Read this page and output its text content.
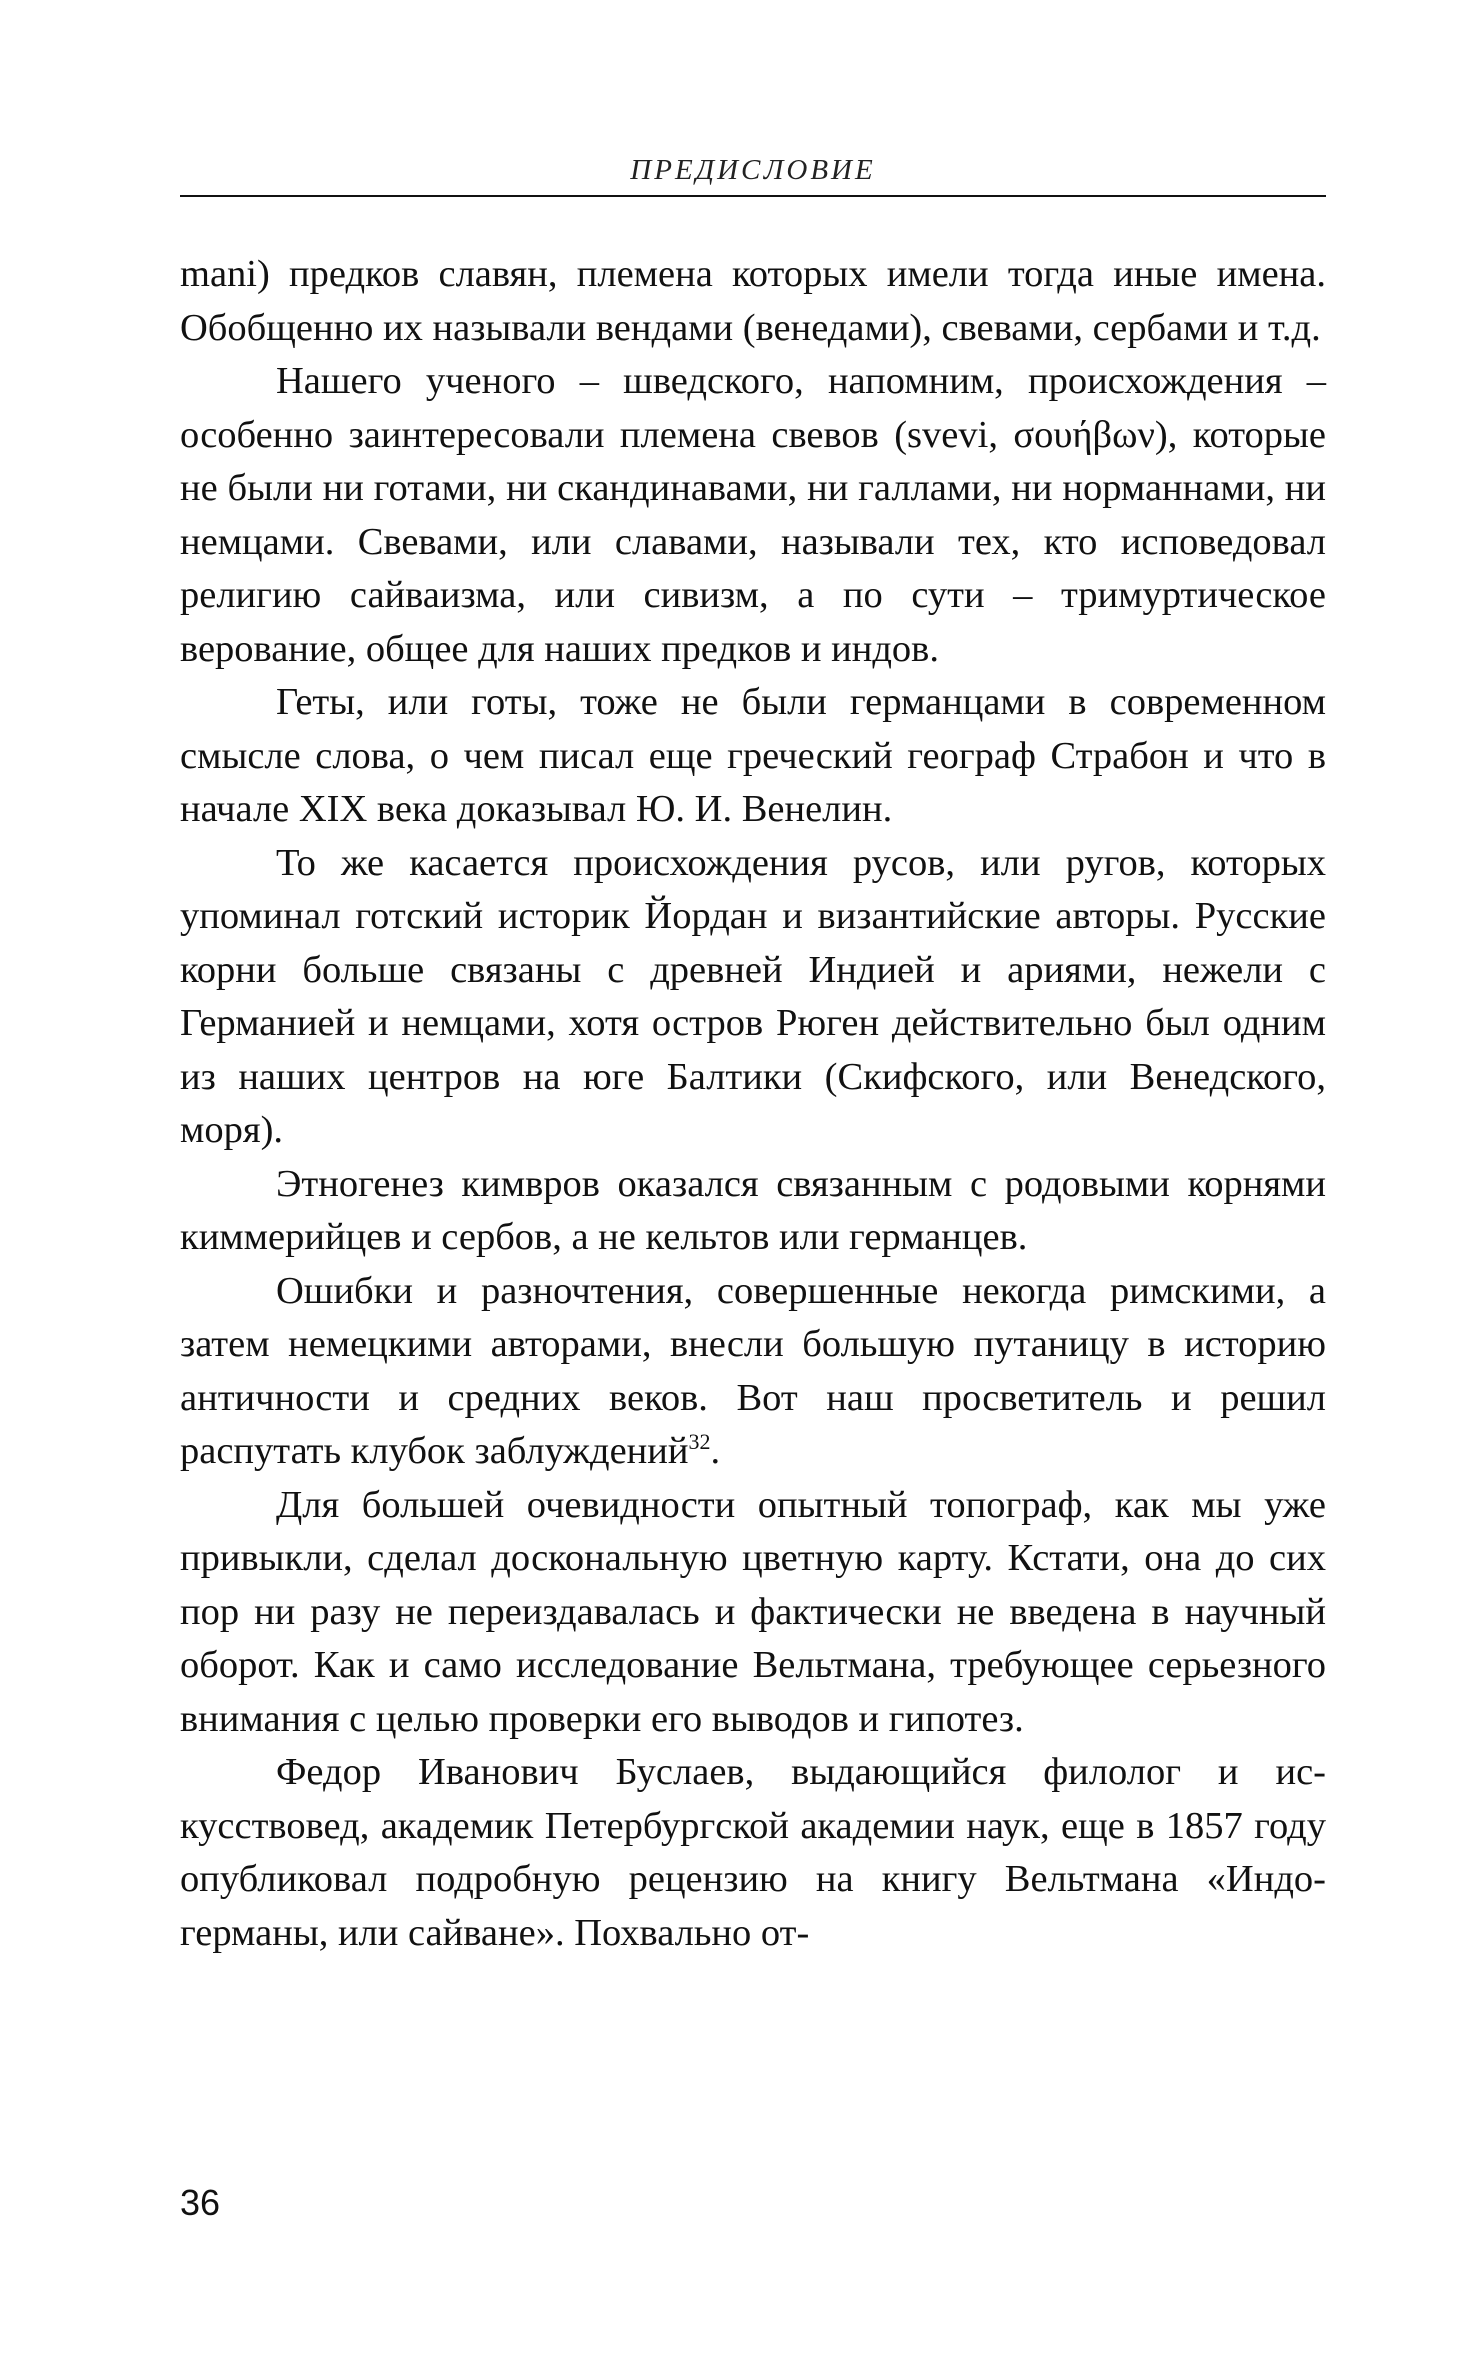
ПРЕДИСЛОВИЕ

mani) предков славян, племена которых имели тогда иные имена. Обобщенно их называли вендами (венедами), свевами, сербами и т.д.

Нашего ученого – шведского, напомним, происхождения – особенно заинтересовали племена свевов (svevi, σουήβων), которые не были ни готами, ни скандинавами, ни галлами, ни норманнами, ни немцами. Свевами, или славами, называли тех, кто исповедовал религию сайваизма, или сивизм, а по сути – тримуртическое верование, общее для наших предков и индов.

Геты, или готы, тоже не были германцами в современном смысле слова, о чем писал еще греческий географ Страбон и что в начале XIX века доказывал Ю. И. Венелин.

То же касается происхождения русов, или ругов, которых упоминал готский историк Йордан и византийские авторы. Русские корни больше связаны с древней Индией и ариями, нежели с Германией и немцами, хотя остров Рюген действительно был одним из наших центров на юге Балтики (Скифского, или Венедского, моря).

Этногенез кимвров оказался связанным с родовыми корнями киммерийцев и сербов, а не кельтов или германцев.

Ошибки и разночтения, совершенные некогда римскими, а затем немецкими авторами, внесли большую путаницу в историю античности и средних веков. Вот наш просветитель и решил распутать клубок заблуждений$^{32}$.

Для большей очевидности опытный топограф, как мы уже привыкли, сделал доскональную цветную карту. Кстати, она до сих пор ни разу не переиздавалась и фактически не введена в научный оборот. Как и само исследование Вельтмана, требующее серьезного внимания с целью проверки его выводов и гипотез.

Федор Иванович Буслаев, выдающийся филолог и искусствовед, академик Петербургской академии наук, еще в 1857 году опубликовал подробную рецензию на книгу Вельтмана «Индо-германы, или сайване». Похвально от-

36
